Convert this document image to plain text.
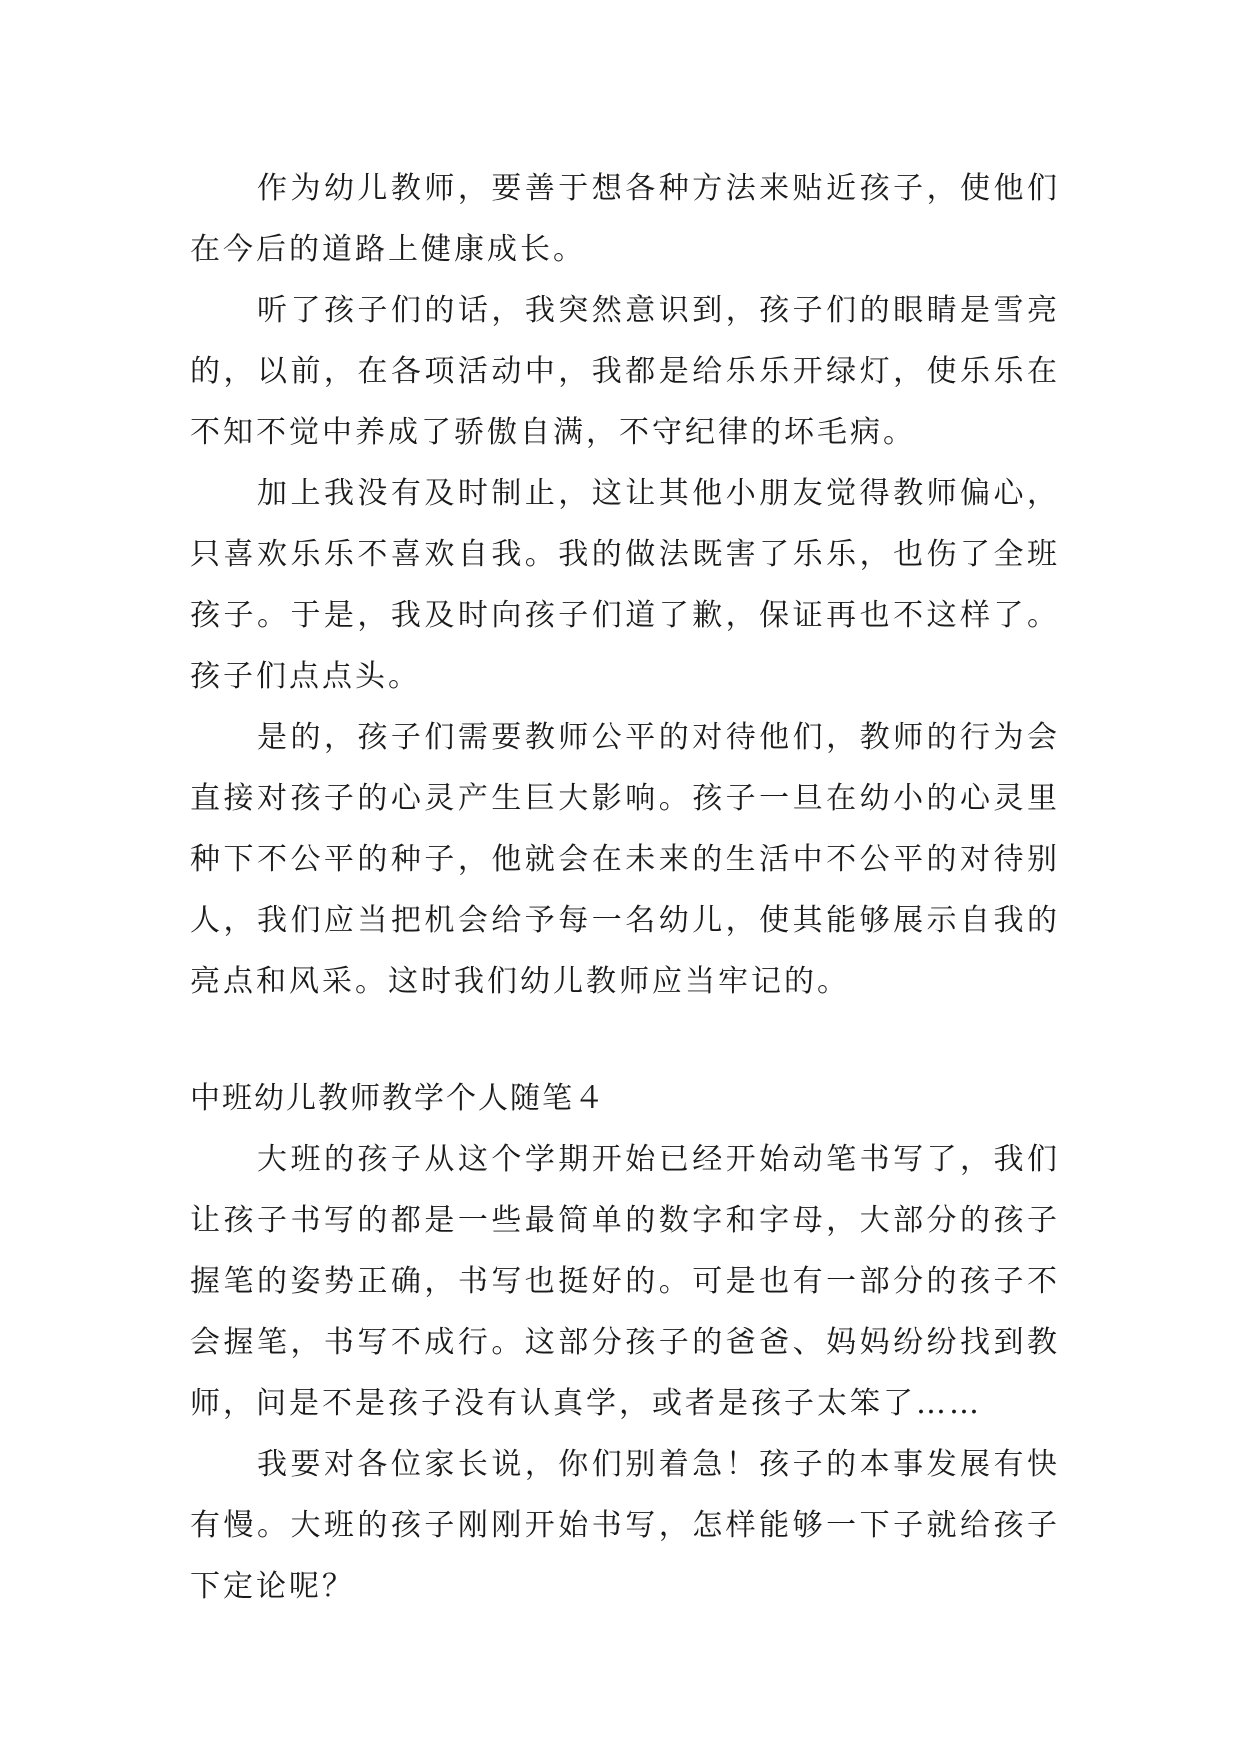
作为幼儿教师，要善于想各种方法来贴近孩子，使他们在今后的道路上健康成长。

听了孩子们的话，我突然意识到，孩子们的眼睛是雪亮的，以前，在各项活动中，我都是给乐乐开绿灯，使乐乐在不知不觉中养成了骄傲自满，不守纪律的坏毛病。

加上我没有及时制止，这让其他小朋友觉得教师偏心，只喜欢乐乐不喜欢自我。我的做法既害了乐乐，也伤了全班孩子。于是，我及时向孩子们道了歉，保证再也不这样了。孩子们点点头。

是的，孩子们需要教师公平的对待他们，教师的行为会直接对孩子的心灵产生巨大影响。孩子一旦在幼小的心灵里种下不公平的种子，他就会在未来的生活中不公平的对待别人，我们应当把机会给予每一名幼儿，使其能够展示自我的亮点和风采。这时我们幼儿教师应当牢记的。

中班幼儿教师教学个人随笔４

大班的孩子从这个学期开始已经开始动笔书写了，我们让孩子书写的都是一些最简单的数字和字母，大部分的孩子握笔的姿势正确，书写也挺好的。可是也有一部分的孩子不会握笔，书写不成行。这部分孩子的爸爸、妈妈纷纷找到教师，问是不是孩子没有认真学，或者是孩子太笨了……

我要对各位家长说，你们别着急！孩子的本事发展有快有慢。大班的孩子刚刚开始书写，怎样能够一下子就给孩子下定论呢？
